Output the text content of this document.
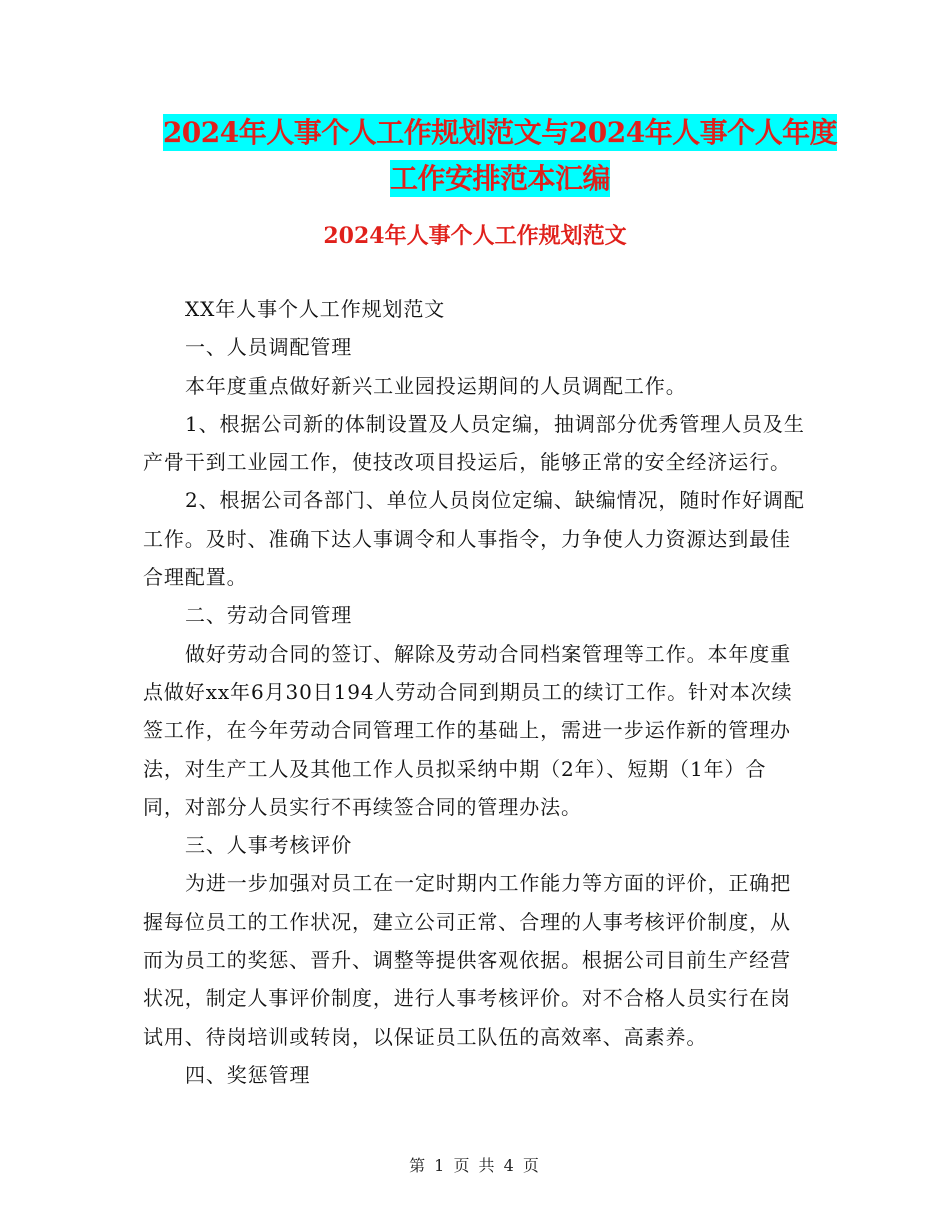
2024年人事个人工作规划范文与2024年人事个人年度
工作安排范本汇编
2024年人事个人工作规划范文

XX年人事个人工作规划范文

一、人员调配管理

本年度重点做好新兴工业园投运期间的人员调配工作。

1、根据公司新的体制设置及人员定编，抽调部分优秀管理人员及生产骨干到工业园工作，使技改项目投运后，能够正常的安全经济运行。

2、根据公司各部门、单位人员岗位定编、缺编情况，随时作好调配工作。及时、准确下达人事调令和人事指令，力争使人力资源达到最佳合理配置。

二、劳动合同管理

做好劳动合同的签订、解除及劳动合同档案管理等工作。本年度重点做好xx年6月30日194人劳动合同到期员工的续订工作。针对本次续签工作，在今年劳动合同管理工作的基础上，需进一步运作新的管理办法，对生产工人及其他工作人员拟采纳中期（2年）、短期（1年）合同，对部分人员实行不再续签合同的管理办法。

三、人事考核评价

为进一步加强对员工在一定时期内工作能力等方面的评价，正确把握每位员工的工作状况，建立公司正常、合理的人事考核评价制度，从而为员工的奖惩、晋升、调整等提供客观依据。根据公司目前生产经营状况，制定人事评价制度，进行人事考核评价。对不合格人员实行在岗试用、待岗培训或转岗，以保证员工队伍的高效率、高素养。

四、奖惩管理

第 1 页 共 4 页
